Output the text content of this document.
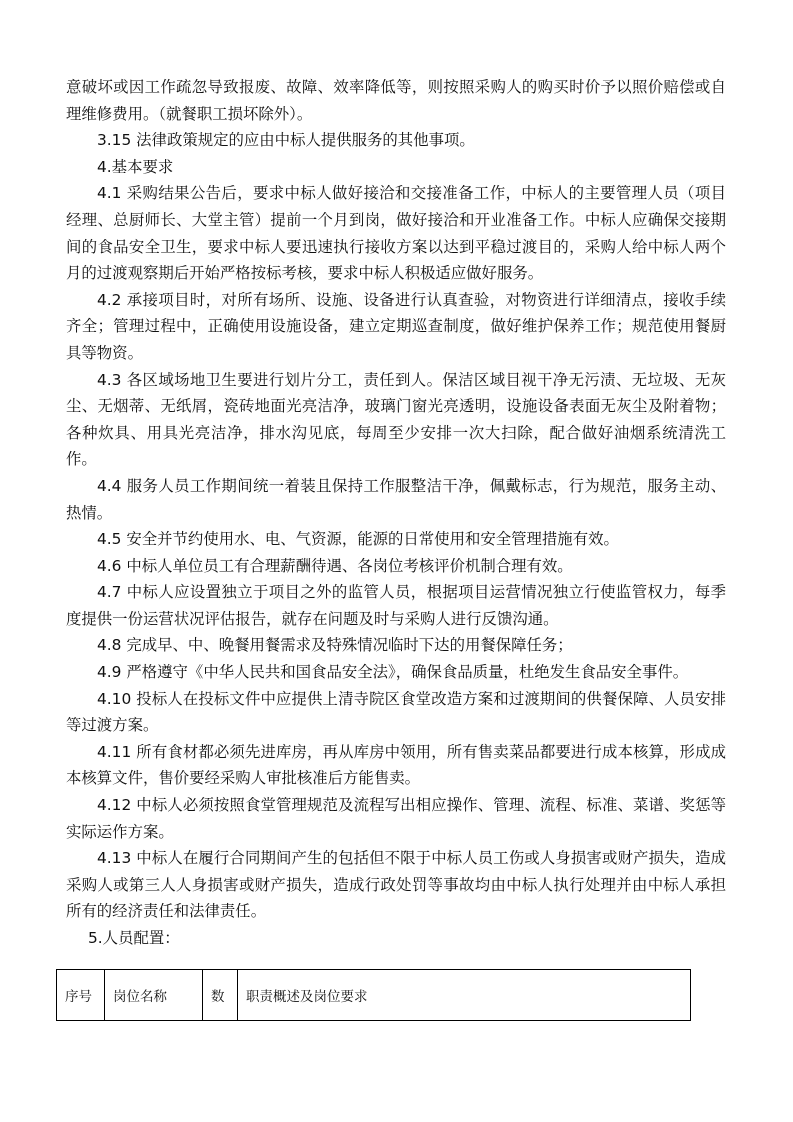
意破坏或因工作疏忽导致报废、故障、效率降低等，则按照采购人的购买时价予以照价赔偿或自理维修费用。（就餐职工损坏除外）。

3.15 法律政策规定的应由中标人提供服务的其他事项。

4.基本要求

4.1 采购结果公告后，要求中标人做好接洽和交接准备工作，中标人的主要管理人员（项目经理、总厨师长、大堂主管）提前一个月到岗，做好接洽和开业准备工作。中标人应确保交接期间的食品安全卫生，要求中标人要迅速执行接收方案以达到平稳过渡目的，采购人给中标人两个月的过渡观察期后开始严格按标考核，要求中标人积极适应做好服务。

4.2 承接项目时，对所有场所、设施、设备进行认真查验，对物资进行详细清点，接收手续齐全；管理过程中，正确使用设施设备，建立定期巡查制度，做好维护保养工作；规范使用餐厨具等物资。

4.3 各区域场地卫生要进行划片分工，责任到人。保洁区域目视干净无污渍、无垃圾、无灰尘、无烟蒂、无纸屑，瓷砖地面光亮洁净，玻璃门窗光亮透明，设施设备表面无灰尘及附着物；各种炊具、用具光亮洁净，排水沟见底，每周至少安排一次大扫除，配合做好油烟系统清洗工作。

4.4 服务人员工作期间统一着装且保持工作服整洁干净，佩戴标志，行为规范，服务主动、热情。

4.5 安全并节约使用水、电、气资源，能源的日常使用和安全管理措施有效。

4.6 中标人单位员工有合理薪酬待遇、各岗位考核评价机制合理有效。

4.7 中标人应设置独立于项目之外的监管人员，根据项目运营情况独立行使监管权力，每季度提供一份运营状况评估报告，就存在问题及时与采购人进行反馈沟通。

4.8 完成早、中、晚餐用餐需求及特殊情况临时下达的用餐保障任务；

4.9 严格遵守《中华人民共和国食品安全法》，确保食品质量，杜绝发生食品安全事件。

4.10 投标人在投标文件中应提供上清寺院区食堂改造方案和过渡期间的供餐保障、人员安排等过渡方案。

4.11 所有食材都必须先进库房，再从库房中领用，所有售卖菜品都要进行成本核算，形成成本核算文件，售价要经采购人审批核准后方能售卖。

4.12 中标人必须按照食堂管理规范及流程写出相应操作、管理、流程、标准、菜谱、奖惩等实际运作方案。

4.13 中标人在履行合同期间产生的包括但不限于中标人员工伤或人身损害或财产损失，造成采购人或第三人人身损害或财产损失，造成行政处罚等事故均由中标人执行处理并由中标人承担所有的经济责任和法律责任。

5.人员配置：

序号	岗位名称	数	职责概述及岗位要求
